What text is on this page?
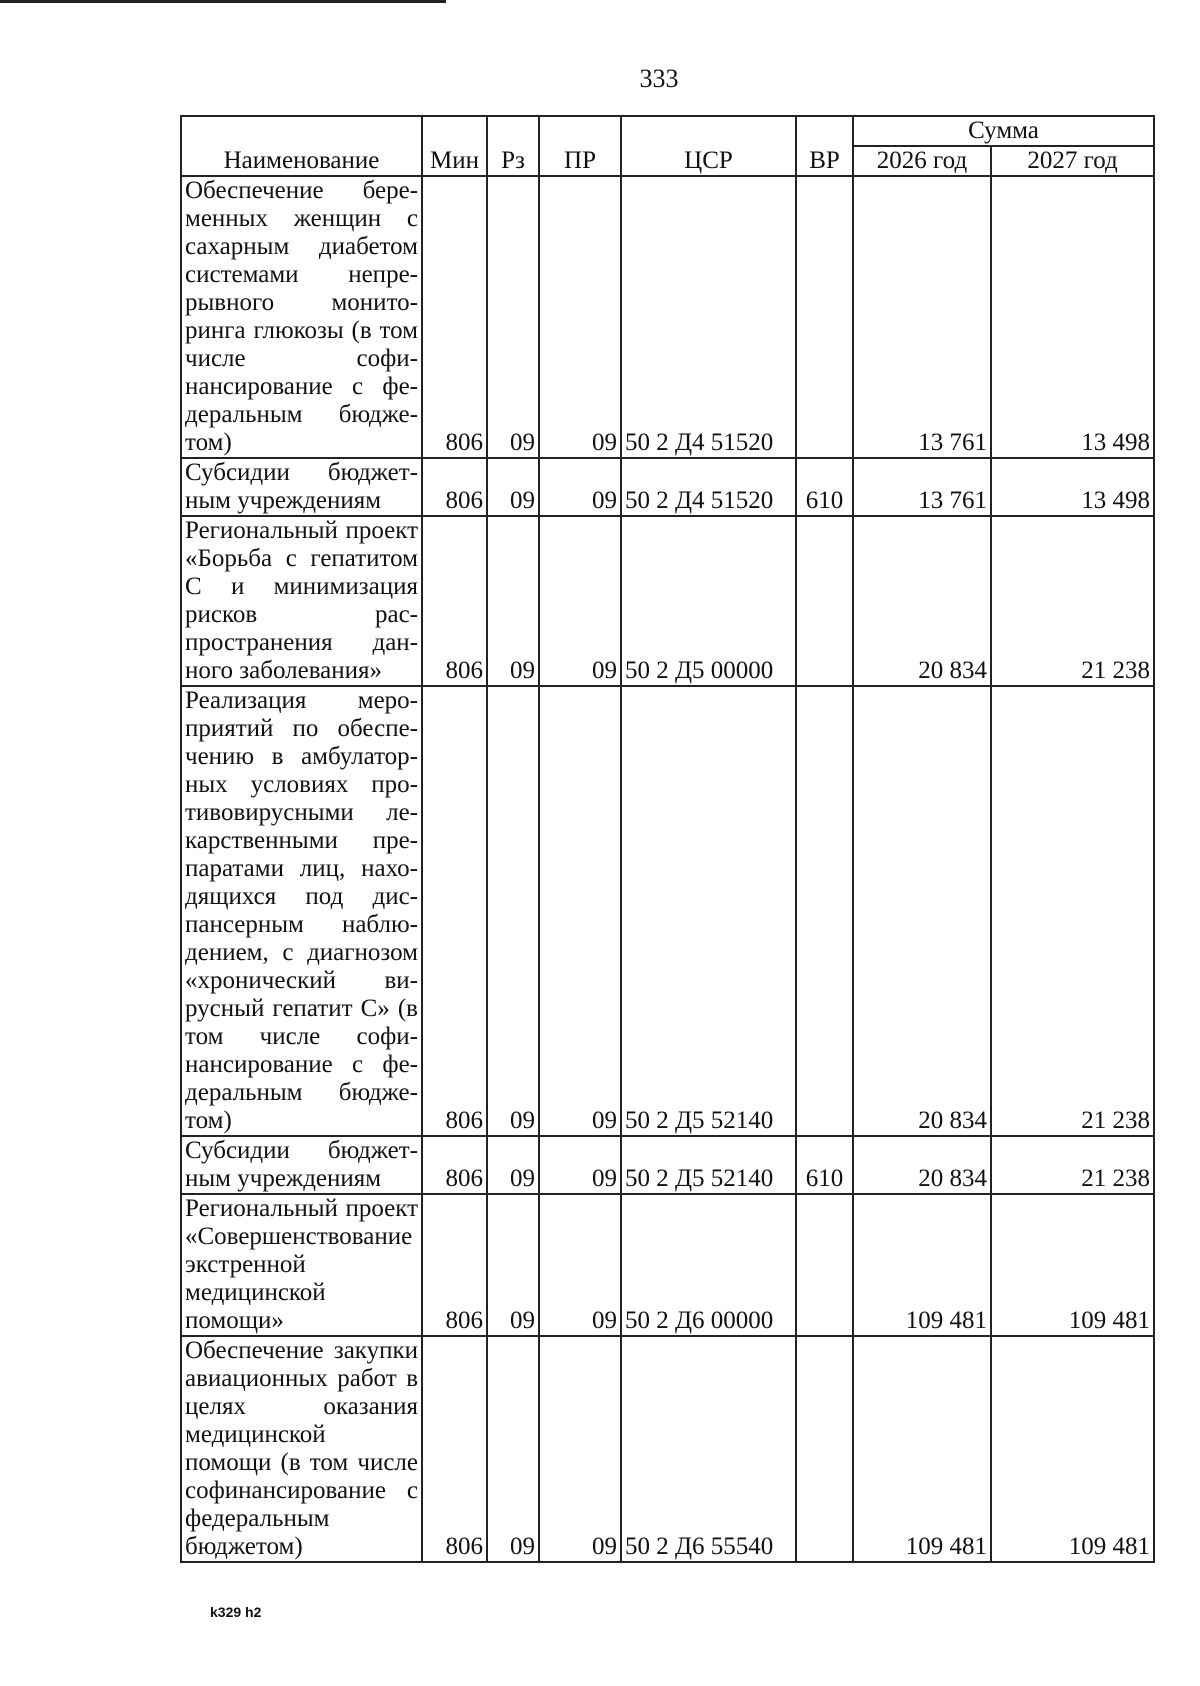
333
Наименование	Мин	Рз	ПР	ЦСР	ВР	Сумма	
						2026 год	2027 год
Обеспечение беременных женщин с сахарным диабетом системами непрерывного мониторинга глюкозы (в том числе софинансирование с федеральным бюджетом)	806	09	09	50 2 Д4 51520		13 761	13 498
Субсидии бюджетным учреждениям	806	09	09	50 2 Д4 51520	610	13 761	13 498
Региональный проект «Борьба с гепатитом С и минимизация рисков распространения данного заболевания»	806	09	09	50 2 Д5 00000		20 834	21 238
Реализация мероприятий по обеспечению в амбулаторных условиях противовирусными лекарственными препаратами лиц, находящихся под диспансерным наблюдением, с диагнозом «хронический вирусный гепатит С» (в том числе софинансирование с федеральным бюджетом)	806	09	09	50 2 Д5 52140		20 834	21 238
Субсидии бюджетным учреждениям	806	09	09	50 2 Д5 52140	610	20 834	21 238
Региональный проект «Совершенствование экстренной медицинской помощи»	806	09	09	50 2 Д6 00000		109 481	109 481
Обеспечение закупки авиационных работ в целях оказания медицинской помощи (в том числе софинансирование с федеральным бюджетом)	806	09	09	50 2 Д6 55540		109 481	109 481
k329 h2
